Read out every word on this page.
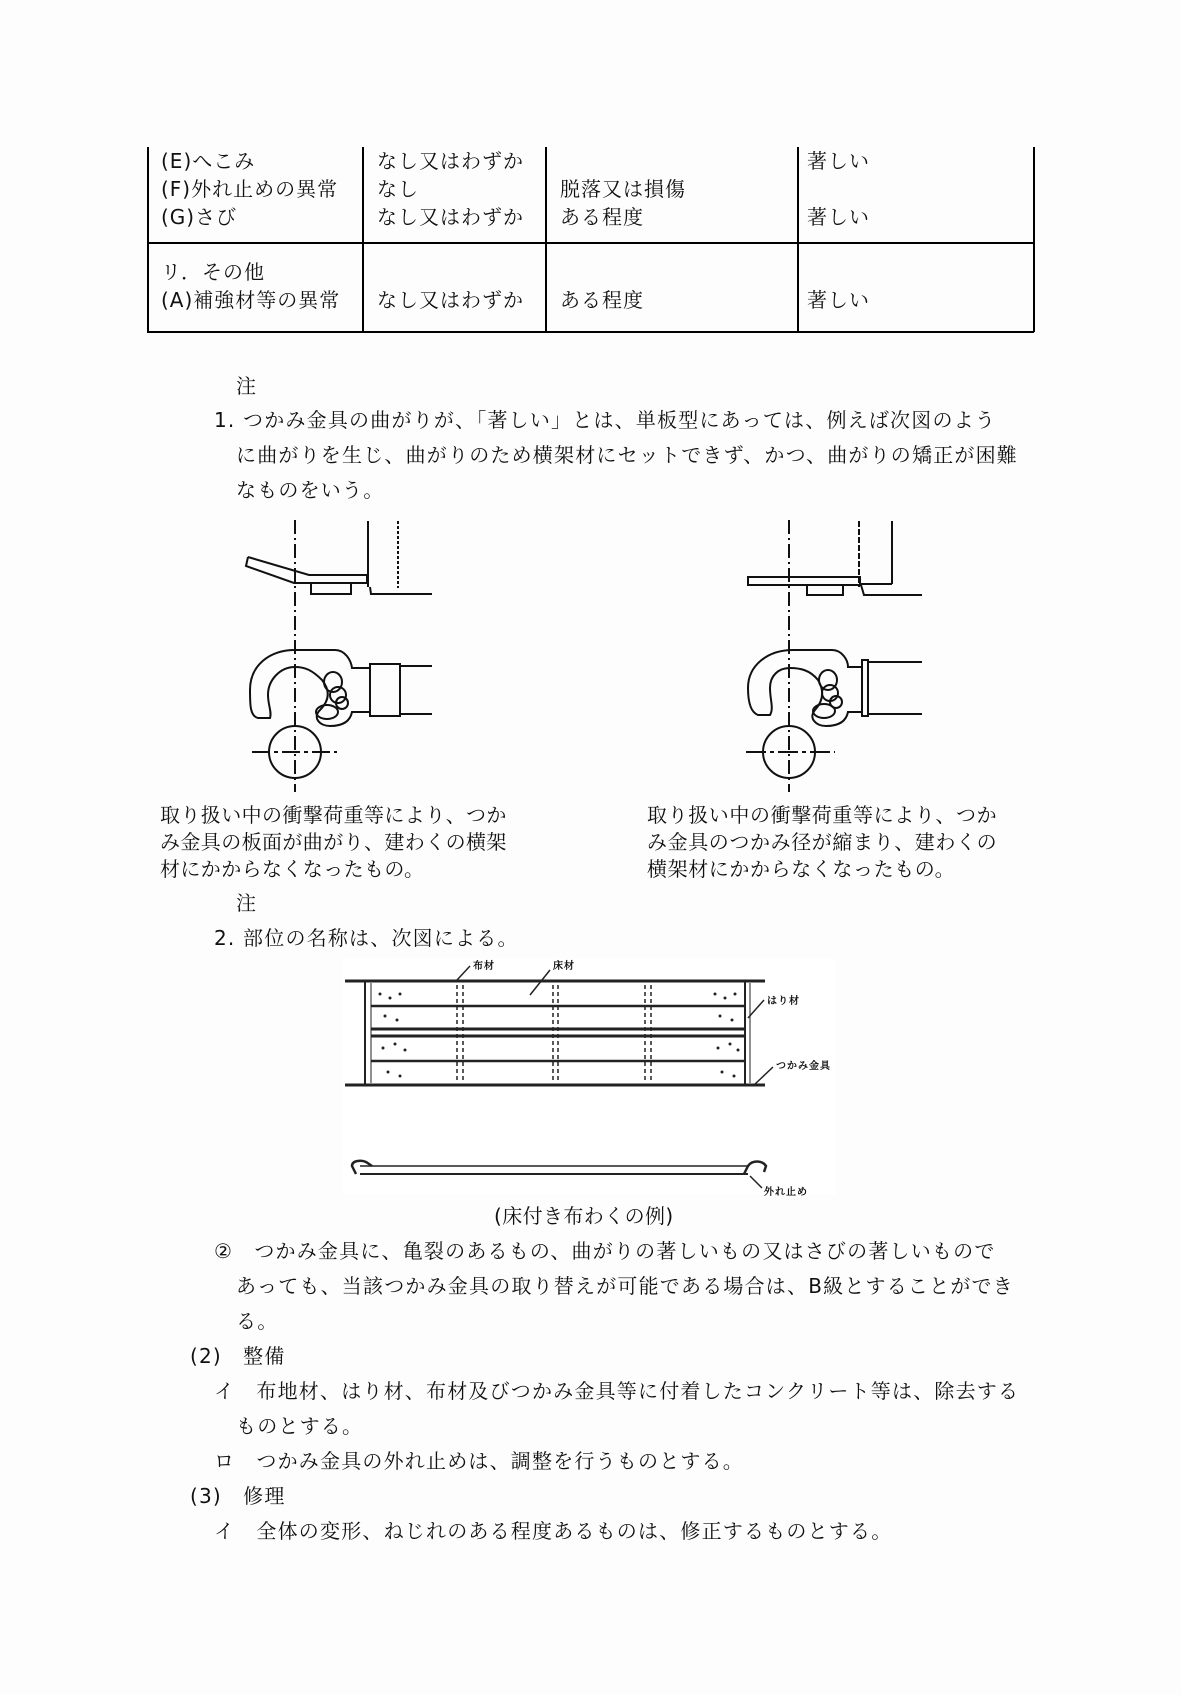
(E)へこみ
(F)外れ止めの異常
(G)さび
なし又はわずか
なし
なし又はわずか
脱落又は損傷
ある程度
著しい
著しい
リ．その他
(A)補強材等の異常 なし又はわずか ある程度	著しい
注
1. つかみ金具の曲がりが、「著しい」とは、単板型にあっては、例えば次図のよう
に曲がりを生じ、曲がりのため横架材にセットできず、かつ、曲がりの矯正が困難
なものをいう。
取り扱い中の衝撃荷重等により、つか
み金具の板面が曲がり、建わくの横架
材にかからなくなったもの。
取り扱い中の衝撃荷重等により、つか
み金具のつかみ径が縮まり、建わくの
横架材にかからなくなったもの。
注
2. 部位の名称は、次図による。
布材	床材
はり材
つかみ金具
外れ止め
(床付き布わくの例)
②　つかみ金具に、亀裂のあるもの、曲がりの著しいもの又はさびの著しいもので
あっても、当該つかみ金具の取り替えが可能である場合は、B級とすることができ
る。
(2)　整備
イ　布地材、はり材、布材及びつかみ金具等に付着したコンクリート等は、除去する
ものとする。
ロ　つかみ金具の外れ止めは、調整を行うものとする。
(3)　修理
イ　全体の変形、ねじれのある程度あるものは、修正するものとする。
